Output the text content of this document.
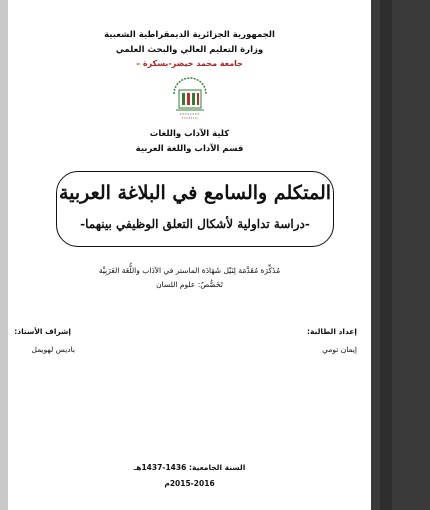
الجمهورية الجزائرية الديمقراطية الشعبية
وزارة التعليم العالي والبحث العلمي
جامعة محمد خيضر-بسكرة –
كلية الآداب واللغات
قسم الآداب واللغة العربية
المتكلم والسامع في البلاغة العربية
-دراسة تداولية لأشكال التعلق الوظيفي بينهما-
مُذَكِّرَة مُقَدَّمَة لِنَيْل شَهَادَة الماستر في الآدَاب واللُّغَة العَرَبِيَّة
تَخَصُّصٌ: علوم اللسان
إعداد الطالبة:
إيمان تومي
إشراف الأستاذ:
باديس لهويمل
السنة الجامعية: 1436-1437هـ
2015-2016م
